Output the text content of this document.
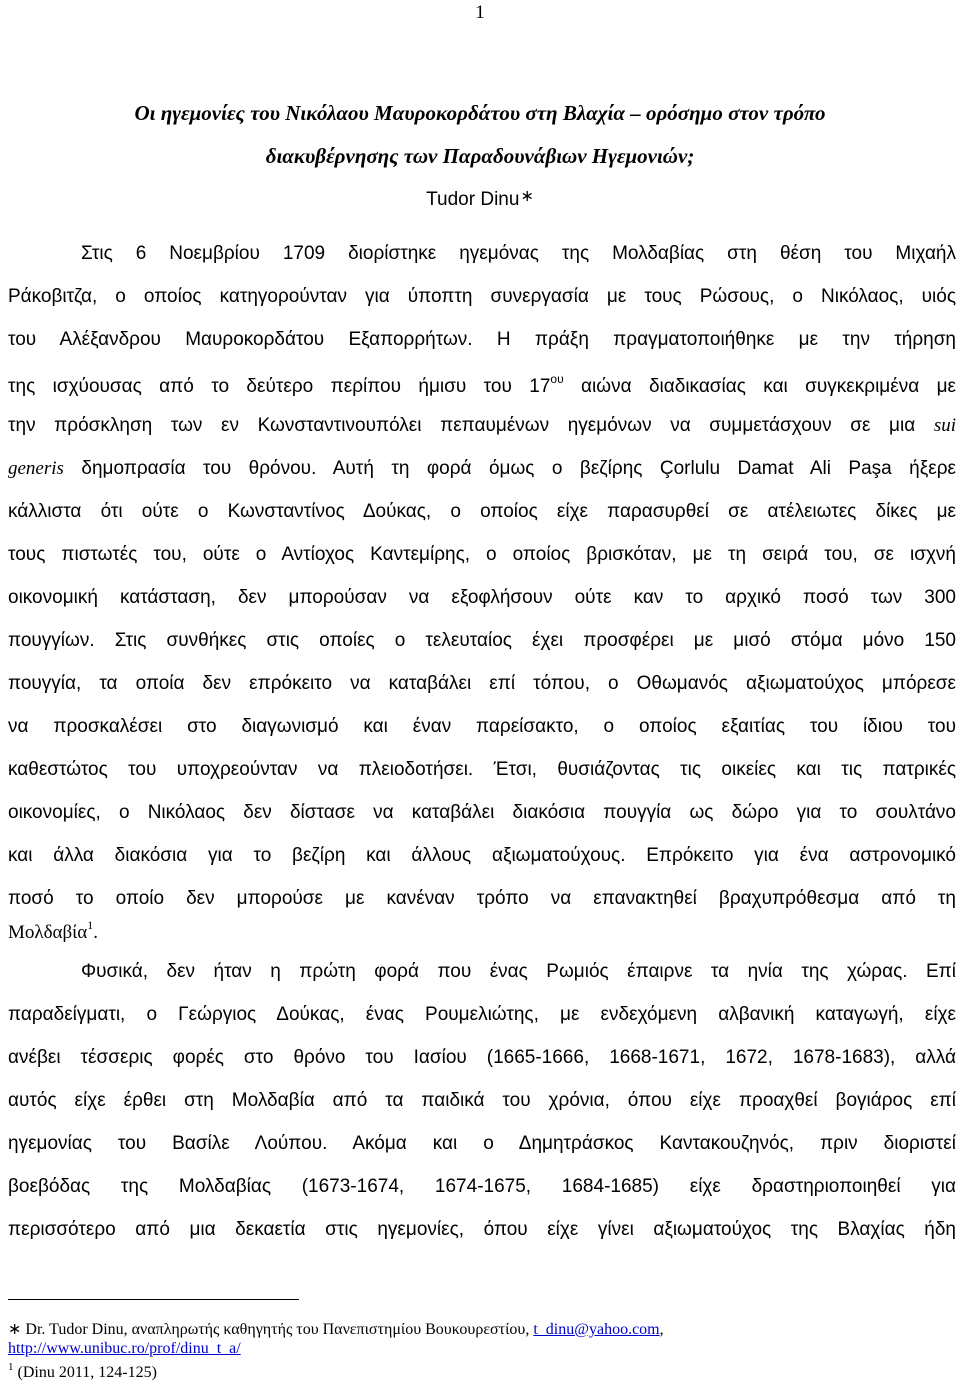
1
Οι ηγεμονίες του Νικόλαου Μαυροκορδάτου στη Βλαχία – ορόσημο στον τρόπο
διακυβέρνησης των Παραδουνάβιων Ηγεμονιών;
Tudor Dinu∗
Στις 6 Νοεμβρίου 1709 διορίστηκε ηγεμόνας της Μολδαβίας στη θέση του Μιχαήλ
Ράκοβιτζα, ο οποίος κατηγορούνταν για ύποπτη συνεργασία με τους Ρώσους, ο Νικόλαος, υιός
του Αλέξανδρου Μαυροκορδάτου Εξαπορρήτων. Η πράξη πραγματοποιήθηκε με την τήρηση
της ισχύουσας από το δεύτερο περίπου ήμισυ του $17^{o\upsilon}$ αιώνα διαδικασίας και συγκεκριμένα με
την πρόσκληση των εν Κωνσταντινουπόλει πεπαυμένων ηγεμόνων να συμμετάσχουν σε μια sui
generis δημοπρασία του θρόνου. Αυτή τη φορά όμως ο βεζίρης Çorlulu Damat Ali Paşa ήξερε
κάλλιστα ότι ούτε ο Κωνσταντίνος Δούκας, ο οποίος είχε παρασυρθεί σε ατέλειωτες δίκες με
τους πιστωτές του, ούτε ο Αντίοχος Καντεμίρης, ο οποίος βρισκόταν, με τη σειρά του, σε ισχνή
οικονομική κατάσταση, δεν μπορούσαν να εξοφλήσουν ούτε καν το αρχικό ποσό των 300
πουγγίων. Στις συνθήκες στις οποίες ο τελευταίος έχει προσφέρει με μισό στόμα μόνο 150
πουγγία, τα οποία δεν επρόκειτο να καταβάλει επί τόπου, ο Οθωμανός αξιωματούχος μπόρεσε
να προσκαλέσει στο διαγωνισμό και έναν παρείσακτο, ο οποίος εξαιτίας του ίδιου του
καθεστώτος του υποχρεούνταν να πλειοδοτήσει. Έτσι, θυσιάζοντας τις οικείες και τις πατρικές
οικονομίες, ο Νικόλαος δεν δίστασε να καταβάλει διακόσια πουγγία ως δώρο για το σουλτάνο
και άλλα διακόσια για το βεζίρη και άλλους αξιωματούχους. Επρόκειτο για ένα αστρονομικό
ποσό το οποίο δεν μπορούσε με κανέναν τρόπο να επανακτηθεί βραχυπρόθεσμα από τη
Μολδαβία$^1$.
Φυσικά, δεν ήταν η πρώτη φορά που ένας Ρωμιός έπαιρνε τα ηνία της χώρας. Επί
παραδείγματι, ο Γεώργιος Δούκας, ένας Ρουμελιώτης, με ενδεχόμενη αλβανική καταγωγή, είχε
ανέβει τέσσερις φορές στο θρόνο του Ιασίου (1665-1666, 1668-1671, 1672, 1678-1683), αλλά
αυτός είχε έρθει στη Μολδαβία από τα παιδικά του χρόνια, όπου είχε προαχθεί βογιάρος επί
ηγεμονίας του Βασίλε Λούπου. Ακόμα και ο Δημητράσκος Καντακουζηνός, πριν διοριστεί
βοεβόδας της Μολδαβίας (1673-1674, 1674-1675, 1684-1685) είχε δραστηριοποιηθεί για
περισσότερο από μια δεκαετία στις ηγεμονίες, όπου είχε γίνει αξιωματούχος της Βλαχίας ήδη
∗ Dr. Tudor Dinu, αναπληρωτής καθηγητής του Πανεπιστημίου Βουκουρεστίου, t_dinu@yahoo.com,
http://www.unibuc.ro/prof/dinu_t_a/
$^1$ (Dinu 2011, 124-125)
